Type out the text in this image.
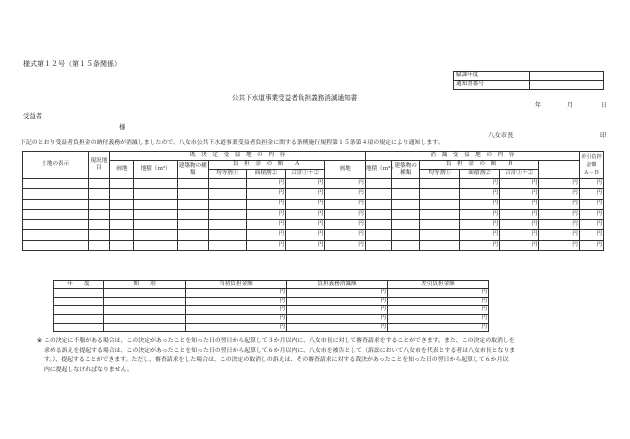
様式第１２号（第１５条関係）
賦課年度	
通知書番号	
公共下水道事業受益者負担義務消滅通知書
年	月	日
受益者
様
八女市長	印
下記のとおり受益者負担金の納付義務が消滅しましたので、八女市公共下水道事業受益者負担金に関する条例施行規程第１５条第４項の規定により通知します。
土地の表示	現況地目	既　決　定　受　益　地　の　内　容							消　滅　受　益　地　の　内　容						差引負担金額
Ａ－Ｂ
		画地	地積（ｍ²）	建築物の種類	負　担　金　の　額　　Ａ			画地	地積（ｍ²）	建築物の種類	負　担　金　の　額　　Ｂ				
					均等割①	面積割②	合計①＋②				均等割①	面積割②	合計①＋②		
						円	円	円				円	円	円	円
						円	円	円				円	円	円	円
						円	円	円				円	円	円	円
						円	円	円				円	円	円	円
						円	円	円				円	円	円	円
						円	円	円				円	円	円	円
						円	円	円				円	円	円	円
年　　度	期　　別	当初負担金額	負担義務消滅額	差引負担金額
		円	円	円
		円	円	円
		円	円	円
		円	円	円
		円	円	円
※ この決定に不服がある場合は、この決定があったことを知った日の翌日から起算して３か月以内に、八女市長に対して審査請求をすることができます。また、この決定の取消しを
求める訴えを提起する場合は、この決定があったことを知った日の翌日から起算して６か月以内に、八女市を被告として（訴訟において八女市を代表とする者は八女市長となりま
す。）、提起することができます。ただし、審査請求をした場合は、この決定の取消しの訴えは、その審査請求に対する裁決があったことを知った日の翌日から起算して６か月以
内に提起しなければなりません。
